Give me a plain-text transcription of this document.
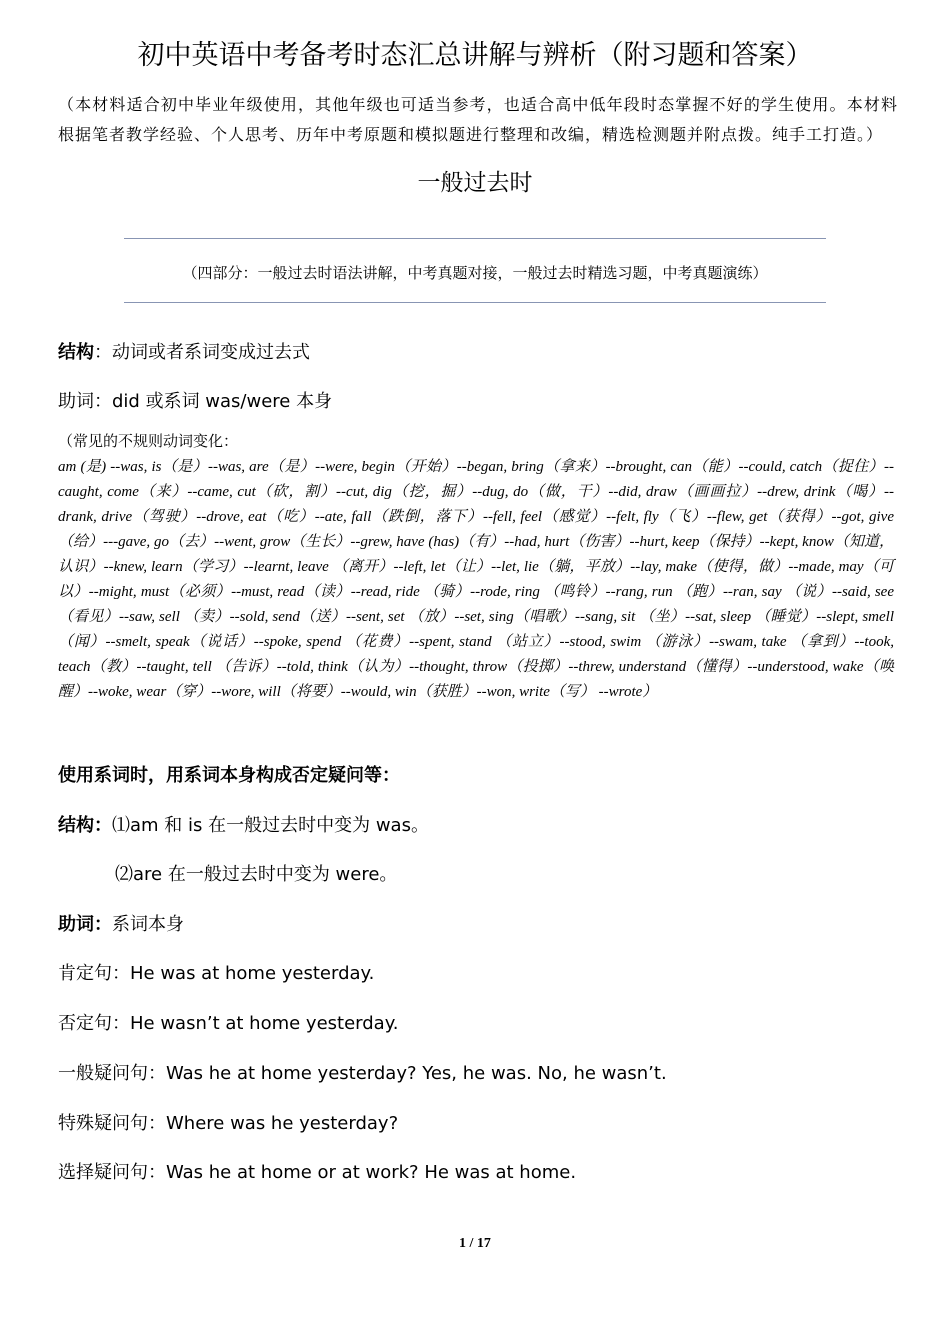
初中英语中考备考时态汇总讲解与辨析（附习题和答案）
（本材料适合初中毕业年级使用，其他年级也可适当参考，也适合高中低年段时态掌握不好的学生使用。本材料根据笔者教学经验、个人思考、历年中考原题和模拟题进行整理和改编，精选检测题并附点拨。纯手工打造。）
一般过去时
（四部分：一般过去时语法讲解，中考真题对接，一般过去时精选习题，中考真题演练）
结构：动词或者系词变成过去式
助词：did 或系词 was/were 本身
（常见的不规则动词变化：
am (是) --was, is（是）--was, are（是）--were, begin（开始）--began, bring（拿来）--brought, can（能）--could, catch（捉住）--caught, come（来）--came, cut（砍，割）--cut, dig（挖，掘）--dug, do（做，干）--did, draw（画画拉）--drew, drink（喝）--drank, drive（驾驶）--drove, eat（吃）--ate, fall（跌倒，落下）--fell, feel（感觉）--felt, fly（飞）--flew, get（获得）--got, give（给）---gave, go（去）--went, grow（生长）--grew, have (has)（有）--had, hurt（伤害）--hurt, keep（保持）--kept, know（知道，认识）--knew, learn（学习）--learnt, leave （离开）--left, let（让）--let, lie（躺，平放）--lay, make（使得，做）--made, may（可以）--might, must（必须）--must, read（读）--read, ride （骑）--rode, ring （鸣铃）--rang, run （跑）--ran, say （说）--said, see （看见）--saw, sell （卖）--sold, send（送）--sent, set （放）--set, sing（唱歌）--sang, sit （坐）--sat, sleep （睡觉）--slept, smell（闻）--smelt, speak（说话）--spoke, spend （花费）--spent, stand （站立）--stood, swim （游泳）--swam, take （拿到）--took, teach（教）--taught, tell （告诉）--told, think（认为）--thought, throw（投掷）--threw, understand（懂得）--understood, wake（唤醒）--woke, wear（穿）--wore, will（将要）--would, win（获胜）--won, write（写） --wrote）
使用系词时，用系词本身构成否定疑问等：
结构：⑴am 和 is 在一般过去时中变为 was。
⑵are 在一般过去时中变为 were。
助词：系词本身
肯定句：He was at home yesterday.
否定句：He wasn’t at home yesterday.
一般疑问句：Was he at home yesterday? Yes, he was. No, he wasn’t.
特殊疑问句：Where was he yesterday?
选择疑问句：Was he at home or at work? He was at home.
1 / 17
